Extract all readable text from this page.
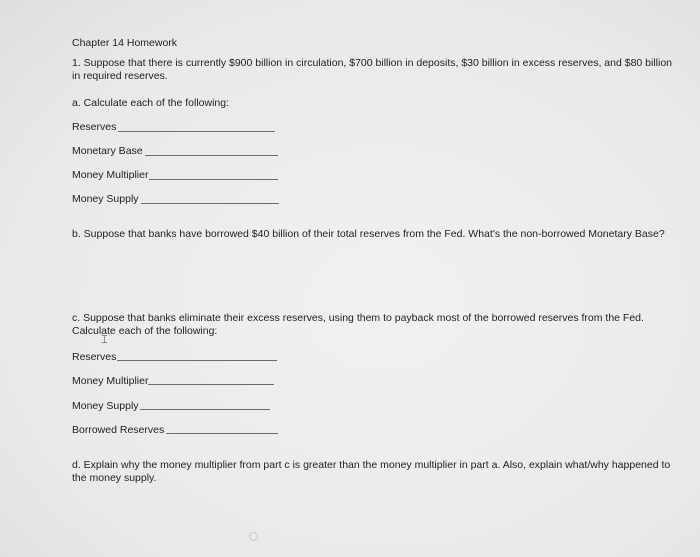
Chapter 14 Homework
1. Suppose that there is currently $900 billion in circulation, $700 billion in deposits, $30 billion in excess reserves, and $80 billion
in required reserves.
a. Calculate each of the following:
Reserves
Monetary Base
Money Multiplier
Money Supply
b. Suppose that banks have borrowed $40 billion of their total reserves from the Fed. What's the non-borrowed Monetary Base?
c. Suppose that banks eliminate their excess reserves, using them to payback most of the borrowed reserves from the Fed.
Calculate each of the following:
⌶
Reserves
Money Multiplier
Money Supply
Borrowed Reserves
d. Explain why the money multiplier from part c is greater than the money multiplier in part a. Also, explain what/why happened to
the money supply.
